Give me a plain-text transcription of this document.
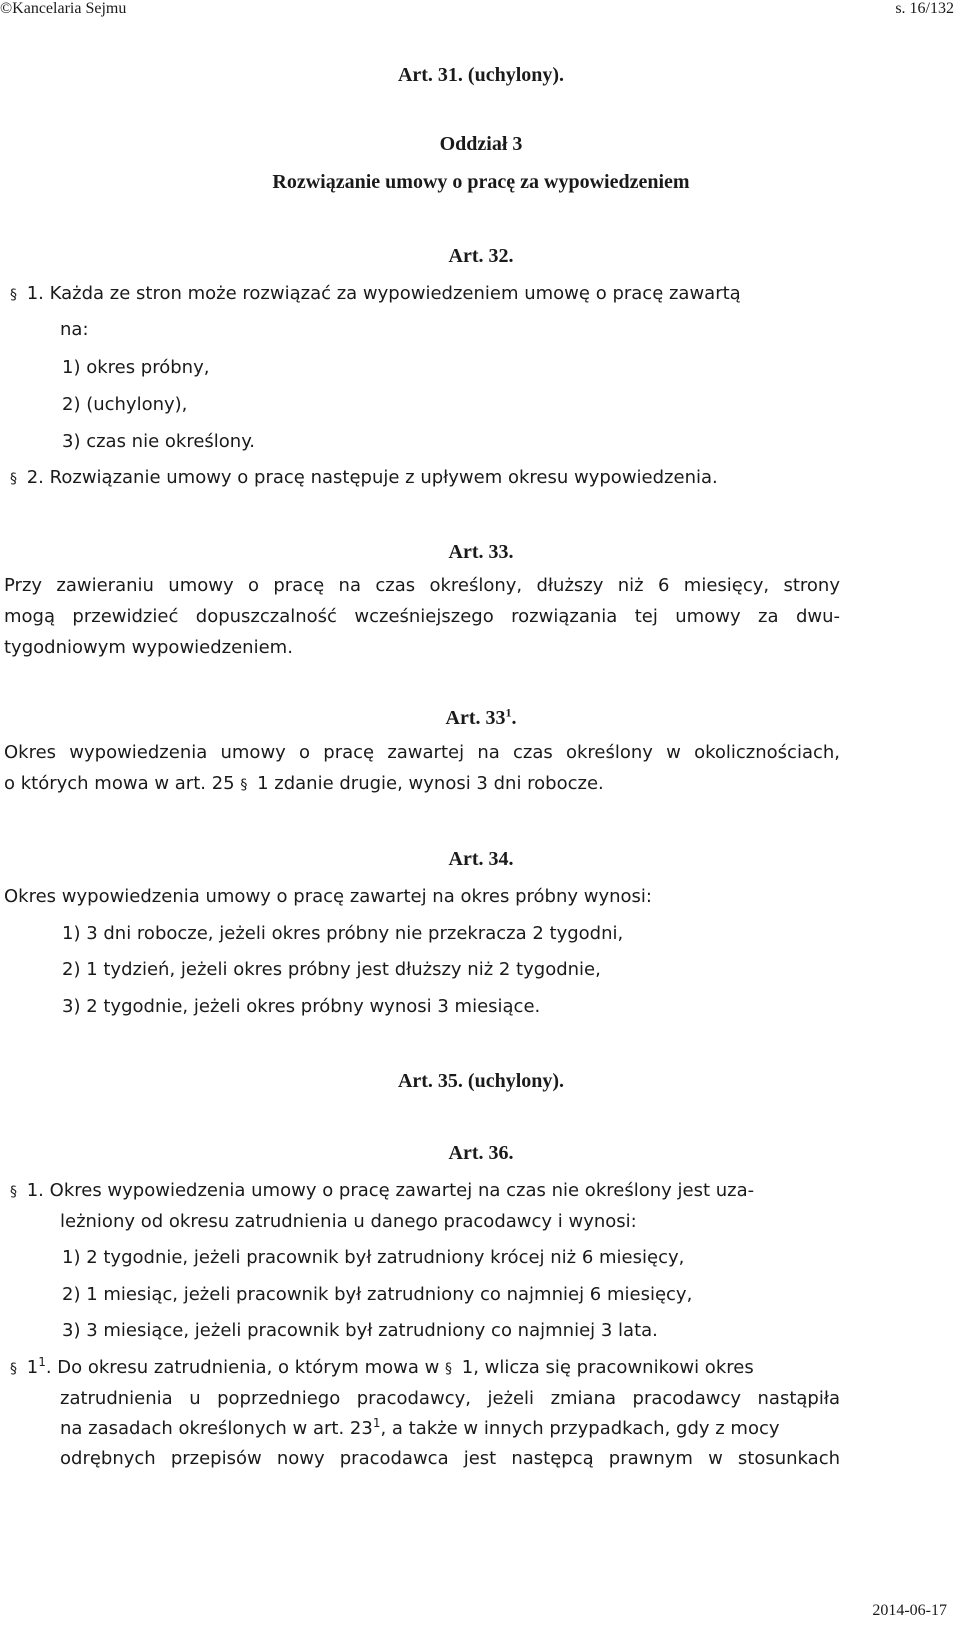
©Kancelaria Sejmu	s. 16/132
Art. 31. (uchylony).
Oddział 3
Rozwiązanie umowy o pracę za wypowiedzeniem
Art. 32.
§ 1. Każda ze stron może rozwiązać za wypowiedzeniem umowę o pracę zawartą
na:
1) okres próbny,
2) (uchylony),
3) czas nie określony.
§ 2. Rozwiązanie umowy o pracę następuje z upływem okresu wypowiedzenia.
Art. 33.
Przy zawieraniu umowy o pracę na czas określony, dłuższy niż 6 miesięcy, strony
mogą przewidzieć dopuszczalność wcześniejszego rozwiązania tej umowy za dwu-
tygodniowym wypowiedzeniem.
Art. $33^1$.
Okres wypowiedzenia umowy o pracę zawartej na czas określony w okolicznościach,
o których mowa w art. 25 § 1 zdanie drugie, wynosi 3 dni robocze.
Art. 34.
Okres wypowiedzenia umowy o pracę zawartej na okres próbny wynosi:
1) 3 dni robocze, jeżeli okres próbny nie przekracza 2 tygodni,
2) 1 tydzień, jeżeli okres próbny jest dłuższy niż 2 tygodnie,
3) 2 tygodnie, jeżeli okres próbny wynosi 3 miesiące.
Art. 35. (uchylony).
Art. 36.
§ 1. Okres wypowiedzenia umowy o pracę zawartej na czas nie określony jest uza-
leżniony od okresu zatrudnienia u danego pracodawcy i wynosi:
1) 2 tygodnie, jeżeli pracownik był zatrudniony krócej niż 6 miesięcy,
2) 1 miesiąc, jeżeli pracownik był zatrudniony co najmniej 6 miesięcy,
3) 3 miesiące, jeżeli pracownik był zatrudniony co najmniej 3 lata.
§ $1^1$. Do okresu zatrudnienia, o którym mowa w § 1, wlicza się pracownikowi okres
zatrudnienia u poprzedniego pracodawcy, jeżeli zmiana pracodawcy nastąpiła
na zasadach określonych w art. $23^1$, a także w innych przypadkach, gdy z mocy
odrębnych przepisów nowy pracodawca jest następcą prawnym w stosunkach
2014-06-17
